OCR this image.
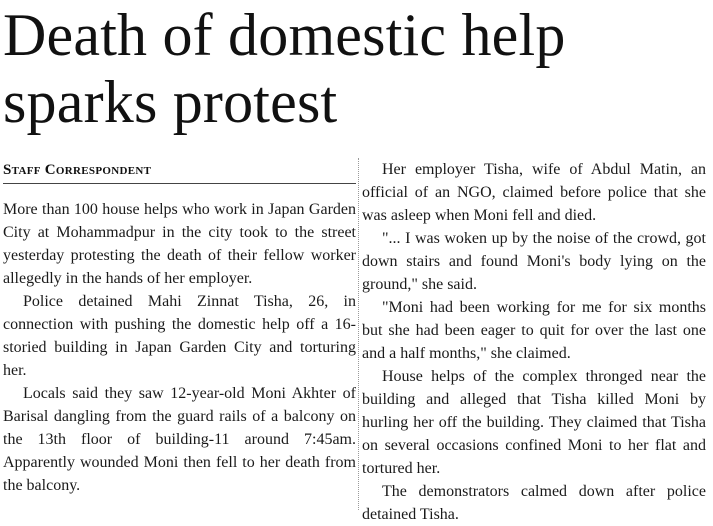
Death of domestic help sparks protest
Staff Correspondent

More than 100 house helps who work in Japan Garden City at Mohammadpur in the city took to the street yesterday protesting the death of their fellow worker allegedly in the hands of her employer.

Police detained Mahi Zinnat Tisha, 26, in connection with pushing the domestic help off a 16-storied building in Japan Garden City and torturing her.

Locals said they saw 12-year-old Moni Akhter of Barisal dangling from the guard rails of a balcony on the 13th floor of building-11 around 7:45am. Apparently wounded Moni then fell to her death from the balcony.

Her employer Tisha, wife of Abdul Matin, an official of an NGO, claimed before police that she was asleep when Moni fell and died.

"... I was woken up by the noise of the crowd, got down stairs and found Moni's body lying on the ground," she said.

"Moni had been working for me for six months but she had been eager to quit for over the last one and a half months," she claimed.

House helps of the complex thronged near the building and alleged that Tisha killed Moni by hurling her off the building. They claimed that Tisha on several occasions confined Moni to her flat and tortured her.

The demonstrators calmed down after police detained Tisha.
